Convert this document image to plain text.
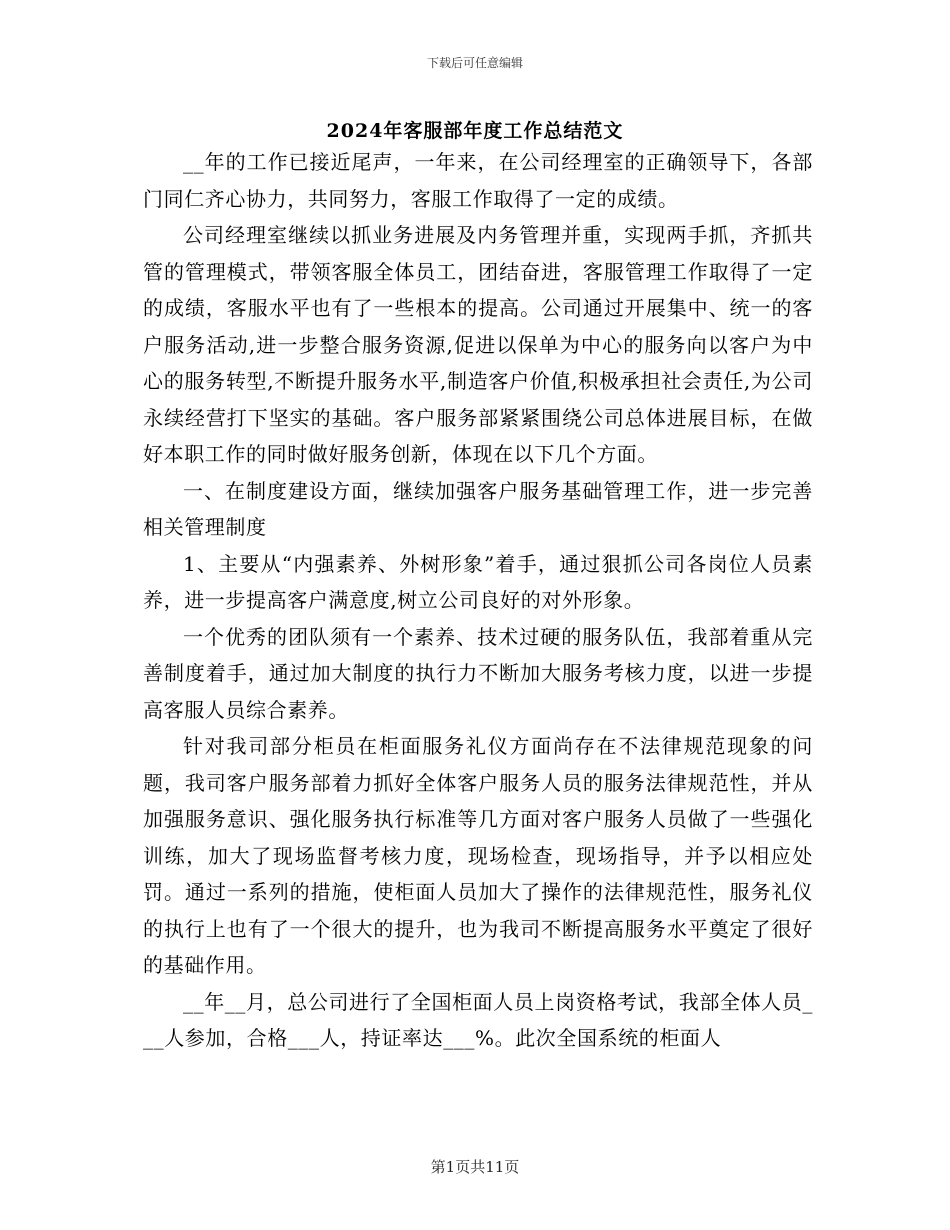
下载后可任意编辑
2024年客服部年度工作总结范文

__年的工作已接近尾声，一年来，在公司经理室的正确领导下，各部门同仁齐心协力，共同努力，客服工作取得了一定的成绩。

公司经理室继续以抓业务进展及内务管理并重，实现两手抓，齐抓共管的管理模式，带领客服全体员工，团结奋进，客服管理工作取得了一定的成绩，客服水平也有了一些根本的提高。公司通过开展集中、统一的客户服务活动,进一步整合服务资源,促进以保单为中心的服务向以客户为中心的服务转型,不断提升服务水平,制造客户价值,积极承担社会责任,为公司永续经营打下坚实的基础。客户服务部紧紧围绕公司总体进展目标，在做好本职工作的同时做好服务创新，体现在以下几个方面。

一、在制度建设方面，继续加强客户服务基础管理工作，进一步完善相关管理制度

1、主要从“内强素养、外树形象”着手，通过狠抓公司各岗位人员素养，进一步提高客户满意度,树立公司良好的对外形象。

一个优秀的团队须有一个素养、技术过硬的服务队伍，我部着重从完善制度着手，通过加大制度的执行力不断加大服务考核力度，以进一步提高客服人员综合素养。

针对我司部分柜员在柜面服务礼仪方面尚存在不法律规范现象的问题，我司客户服务部着力抓好全体客户服务人员的服务法律规范性，并从加强服务意识、强化服务执行标准等几方面对客户服务人员做了一些强化训练，加大了现场监督考核力度，现场检查，现场指导，并予以相应处罚。通过一系列的措施，使柜面人员加大了操作的法律规范性，服务礼仪的执行上也有了一个很大的提升，也为我司不断提高服务水平奠定了很好的基础作用。

__年__月，总公司进行了全国柜面人员上岗资格考试，我部全体人员___人参加，合格___人，持证率达___%。此次全国系统的柜面人

第1页共11页
